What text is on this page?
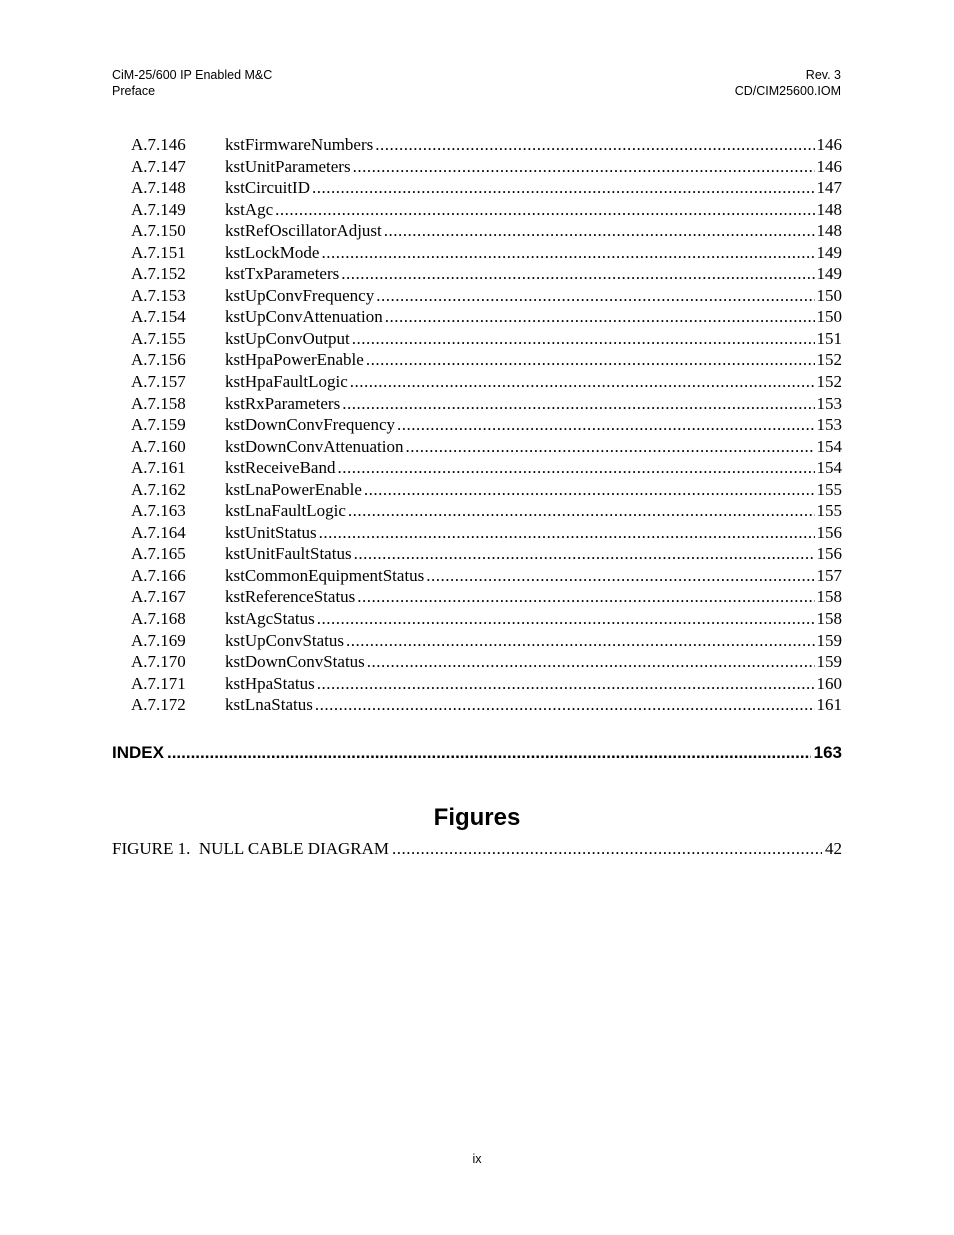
CiM-25/600 IP Enabled M&C
Preface
Rev. 3
CD/CIM25600.IOM
A.7.146	kstFirmwareNumbers .....	146
A.7.147	kstUnitParameters .....	146
A.7.148	kstCircuitID .....	147
A.7.149	kstAgc .....	148
A.7.150	kstRefOscillatorAdjust .....	148
A.7.151	kstLockMode .....	149
A.7.152	kstTxParameters .....	149
A.7.153	kstUpConvFrequency .....	150
A.7.154	kstUpConvAttenuation .....	150
A.7.155	kstUpConvOutput .....	151
A.7.156	kstHpaPowerEnable .....	152
A.7.157	kstHpaFaultLogic .....	152
A.7.158	kstRxParameters .....	153
A.7.159	kstDownConvFrequency .....	153
A.7.160	kstDownConvAttenuation .....	154
A.7.161	kstReceiveBand .....	154
A.7.162	kstLnaPowerEnable .....	155
A.7.163	kstLnaFaultLogic .....	155
A.7.164	kstUnitStatus .....	156
A.7.165	kstUnitFaultStatus .....	156
A.7.166	kstCommonEquipmentStatus .....	157
A.7.167	kstReferenceStatus .....	158
A.7.168	kstAgcStatus .....	158
A.7.169	kstUpConvStatus .....	159
A.7.170	kstDownConvStatus .....	159
A.7.171	kstHpaStatus .....	160
A.7.172	kstLnaStatus .....	161
INDEX .....	163
Figures
FIGURE 1.  NULL CABLE DIAGRAM .....	42
ix
